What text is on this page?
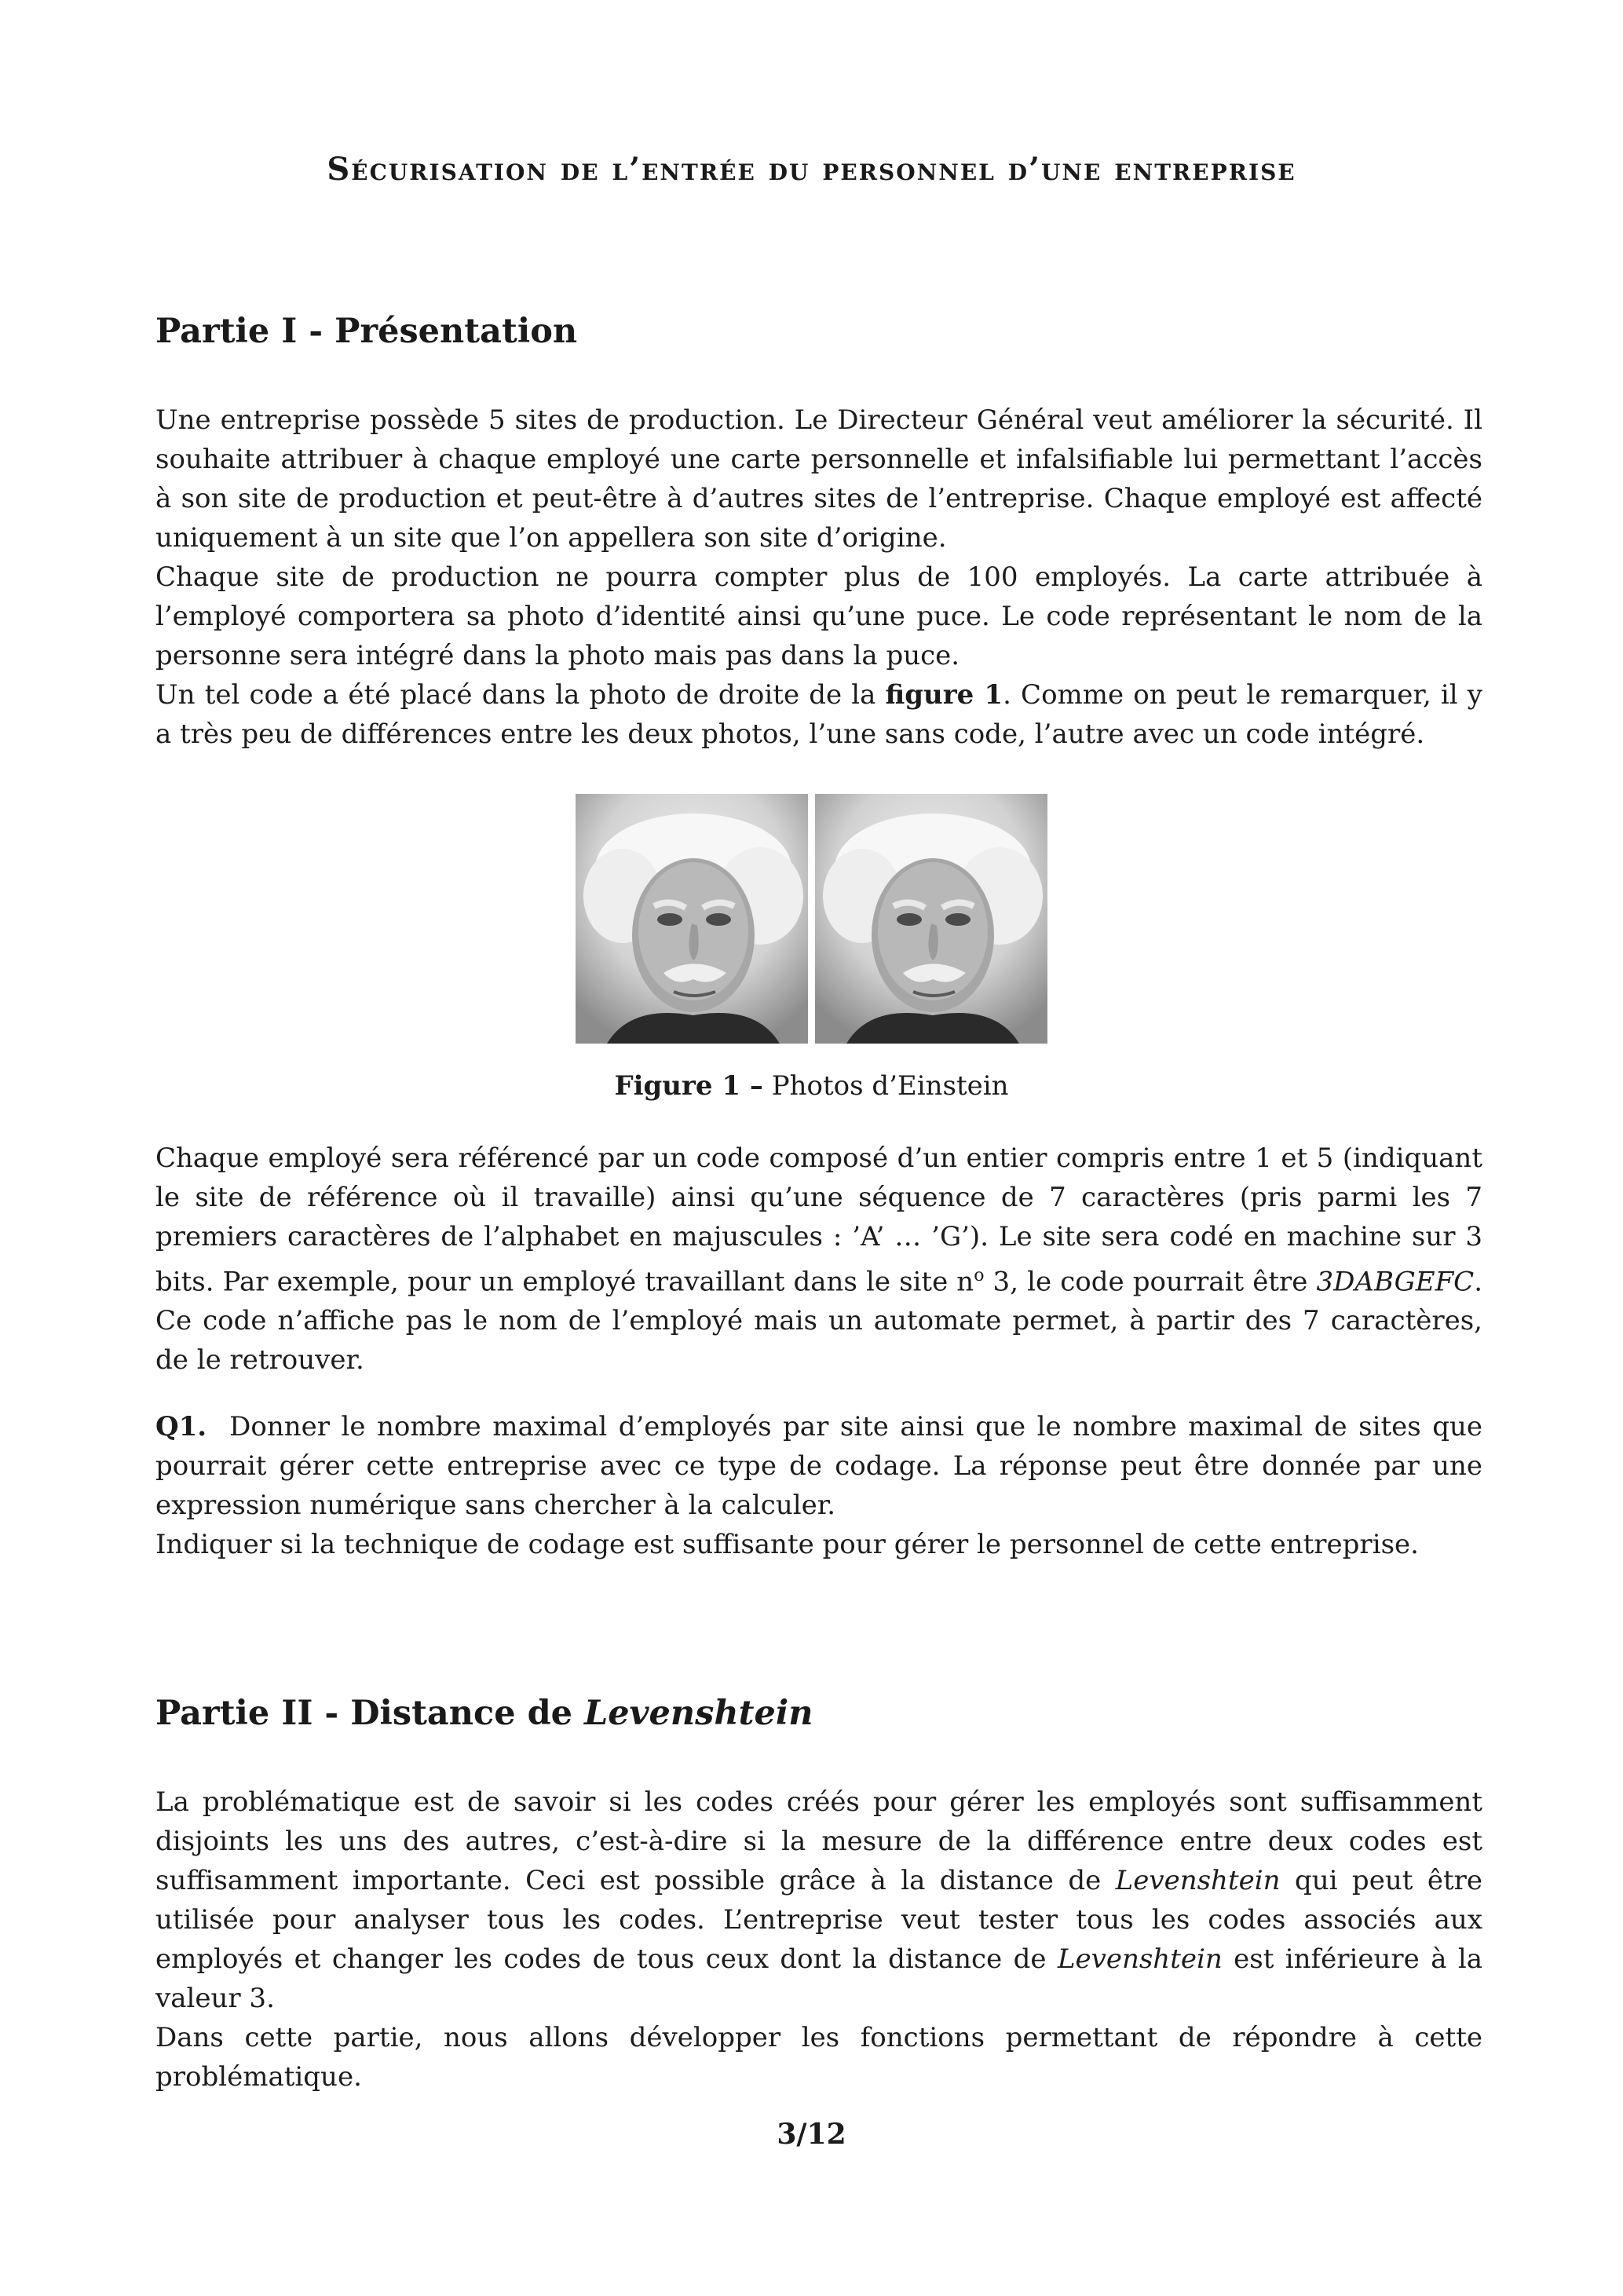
Sécurisation de l’entrée du personnel d’une entreprise
Partie I - Présentation

Une entreprise possède 5 sites de production. Le Directeur Général veut améliorer la sécurité. Il souhaite attribuer à chaque employé une carte personnelle et infalsifiable lui permettant l’accès à son site de production et peut-être à d’autres sites de l’entreprise. Chaque employé est affecté uniquement à un site que l’on appellera son site d’origine.

Chaque site de production ne pourra compter plus de 100 employés. La carte attribuée à l’employé comportera sa photo d’identité ainsi qu’une puce. Le code représentant le nom de la personne sera intégré dans la photo mais pas dans la puce.

Un tel code a été placé dans la photo de droite de la figure 1. Comme on peut le remarquer, il y a très peu de différences entre les deux photos, l’une sans code, l’autre avec un code intégré.

Figure 1 – Photos d’Einstein

Chaque employé sera référencé par un code composé d’un entier compris entre 1 et 5 (indiquant le site de référence où il travaille) ainsi qu’une séquence de 7 caractères (pris parmi les 7 premiers caractères de l’alphabet en majuscules : ’A’ … ’G’). Le site sera codé en machine sur 3 bits. Par exemple, pour un employé travaillant dans le site $n^o$ 3, le code pourrait être 3DABGEFC. Ce code n’affiche pas le nom de l’employé mais un automate permet, à partir des 7 caractères, de le retrouver.

Q1. Donner le nombre maximal d’employés par site ainsi que le nombre maximal de sites que pourrait gérer cette entreprise avec ce type de codage. La réponse peut être donnée par une expression numérique sans chercher à la calculer.

Indiquer si la technique de codage est suffisante pour gérer le personnel de cette entreprise.

Partie II - Distance de Levenshtein

La problématique est de savoir si les codes créés pour gérer les employés sont suffisamment disjoints les uns des autres, c’est-à-dire si la mesure de la différence entre deux codes est suffisamment importante. Ceci est possible grâce à la distance de Levenshtein qui peut être utilisée pour analyser tous les codes. L’entreprise veut tester tous les codes associés aux employés et changer les codes de tous ceux dont la distance de Levenshtein est inférieure à la valeur 3.

Dans cette partie, nous allons développer les fonctions permettant de répondre à cette problématique.

3/12
